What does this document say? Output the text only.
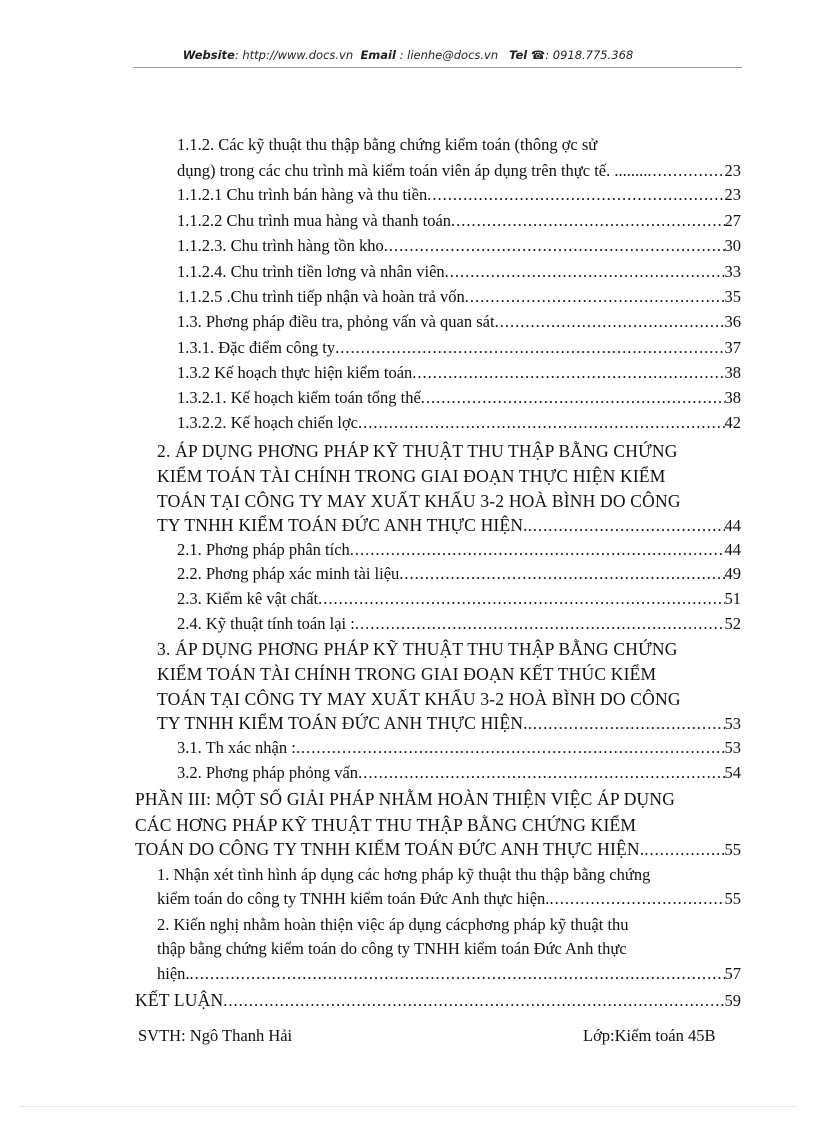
Website: http://www.docs.vn Email : lienhe@docs.vn Tel ☎: 0918.775.368
1.1.2. Các kỹ thuật thu thập bằng chứng kiểm toán (thông ợc sử
dụng) trong các chu trình mà kiểm toán viên áp dụng trên thực tế. ........ .....	23
1.1.2.1 Chu trình bán hàng và thu tiền .....	23
1.1.2.2 Chu trình mua hàng và thanh toán .....	27
1.1.2.3. Chu trình hàng tồn kho .....	30
1.1.2.4. Chu trình tiền lơng và nhân viên .....	33
1.1.2.5 .Chu trình tiếp nhận và hoàn trả vốn .....	35
1.3. Phơng pháp điều tra, phỏng vấn và quan sát .....	36
1.3.1. Đặc điểm công ty .....	37
1.3.2 Kế hoạch thực hiện kiểm toán .....	38
1.3.2.1. Kế hoạch kiểm toán tổng thể .....	38
1.3.2.2. Kế hoạch chiến lợc .....	42
2. ÁP DỤNG PHƠNG PHÁP KỸ THUẬT THU THẬP BẰNG CHỨNG
KIỂM TOÁN TÀI CHÍNH TRONG GIAI ĐOẠN THỰC HIỆN KIỂM
TOÁN TẠI CÔNG TY MAY XUẤT KHẨU 3-2 HOÀ BÌNH DO CÔNG
TY TNHH KIỂM TOÁN ĐỨC ANH THỰC HIỆN. .....	44
2.1. Phơng pháp phân tích .....	44
2.2. Phơng pháp xác minh tài liệu .....	49
2.3. Kiểm kê vật chất .....	51
2.4. Kỹ thuật tính toán lại : .....	52
3. ÁP DỤNG PHƠNG PHÁP KỸ THUẬT THU THẬP BẰNG CHỨNG
KIỂM TOÁN TÀI CHÍNH TRONG GIAI ĐOẠN KẾT THÚC KIỂM
TOÁN TẠI CÔNG TY MAY XUẤT KHẨU 3-2 HOÀ BÌNH DO CÔNG
TY TNHH KIỂM TOÁN ĐỨC ANH THỰC HIỆN. .....	53
3.1. Th xác nhận : .....	53
3.2. Phơng pháp phỏng vấn .....	54
PHẦN III: MỘT SỐ GIẢI PHÁP NHẰM HOÀN THIỆN VIỆC ÁP DỤNG
CÁC HƠNG PHÁP KỸ THUẬT THU THẬP BẰNG CHỨNG KIỂM
TOÁN DO CÔNG TY TNHH KIỂM TOÁN ĐỨC ANH THỰC HIỆN. .....	55
1. Nhận xét tình hình áp dụng các hơng pháp kỹ thuật thu thập bằng chứng
kiểm toán do công ty TNHH kiểm toán Đức Anh thực hiện. .....	55
2. Kiến nghị nhằm hoàn thiện việc áp dụng cácphơng pháp kỹ thuật thu
thập bằng chứng kiểm toán do công ty TNHH kiểm toán Đức Anh thực
hiện. .....	57
KẾT LUẬN .....	59
SVTH: Ngô Thanh Hải	Lớp:Kiểm toán 45B
